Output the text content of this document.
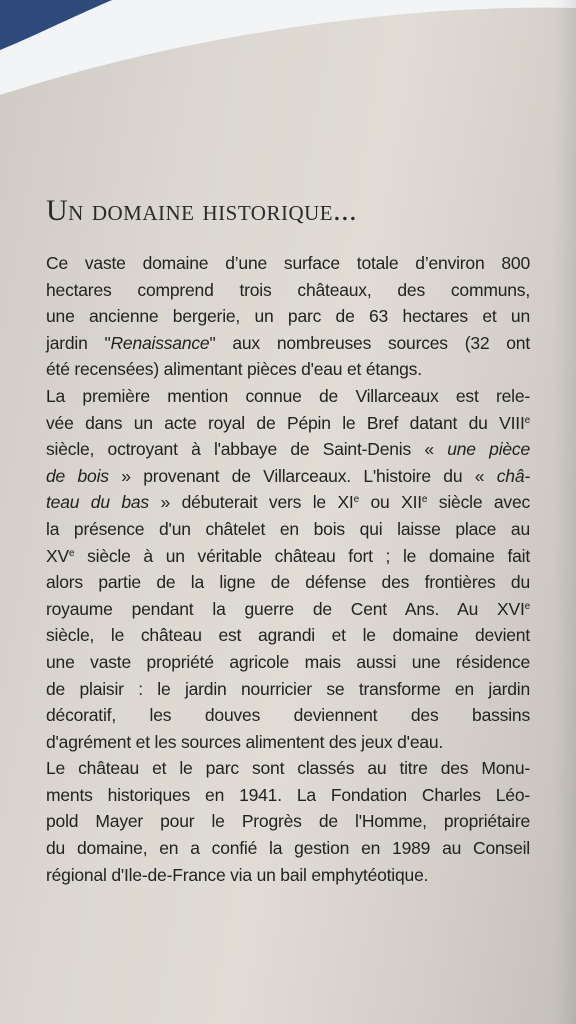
Un domaine historique...
Ce vaste domaine d’une surface totale d’environ 800
hectares comprend trois châteaux, des communs,
une ancienne bergerie, un parc de 63 hectares et un
jardin "Renaissance" aux nombreuses sources (32 ont
été recensées) alimentant pièces d'eau et étangs.
La première mention connue de Villarceaux est rele-
vée dans un acte royal de Pépin le Bref datant du VIIIe
siècle, octroyant à l'abbaye de Saint-Denis « une pièce
de bois » provenant de Villarceaux. L'histoire du « châ-
teau du bas » débuterait vers le XIe ou XIIe siècle avec
la présence d'un châtelet en bois qui laisse place au
XVe siècle à un véritable château fort ; le domaine fait
alors partie de la ligne de défense des frontières du
royaume pendant la guerre de Cent Ans. Au XVIe
siècle, le château est agrandi et le domaine devient
une vaste propriété agricole mais aussi une résidence
de plaisir : le jardin nourricier se transforme en jardin
décoratif, les douves deviennent des bassins
d'agrément et les sources alimentent des jeux d'eau.
Le château et le parc sont classés au titre des Monu-
ments historiques en 1941. La Fondation Charles Léo-
pold Mayer pour le Progrès de l'Homme, propriétaire
du domaine, en a confié la gestion en 1989 au Conseil
régional d'Ile-de-France via un bail emphytéotique.
